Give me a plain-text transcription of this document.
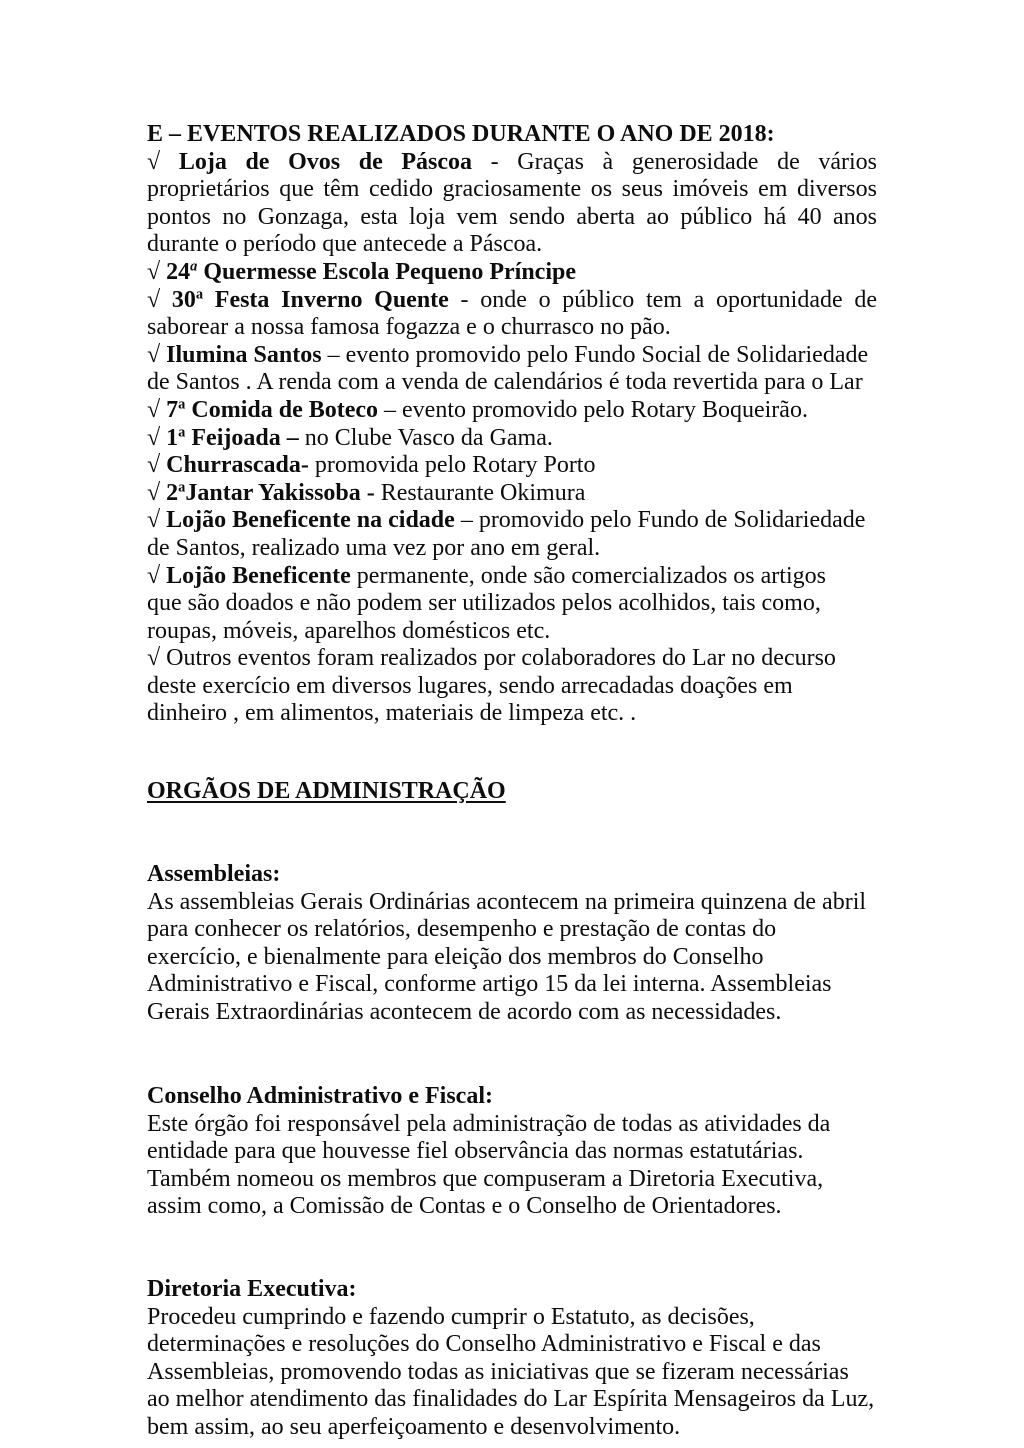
E – EVENTOS REALIZADOS DURANTE O ANO DE 2018:
√ Loja de Ovos de Páscoa - Graças à generosidade de vários
proprietários que têm cedido graciosamente os seus imóveis em diversos
pontos no Gonzaga, esta loja vem sendo aberta ao público há 40 anos
durante o período que antecede a Páscoa.
√ 24$^a$ Quermesse Escola Pequeno Príncipe
√ 30$^a$ Festa Inverno Quente - onde o público tem a oportunidade de
saborear a nossa famosa fogazza e o churrasco no pão.
√ Ilumina Santos – evento promovido pelo Fundo Social de Solidariedade
de Santos . A renda com a venda de calendários é toda revertida para o Lar
√ 7$^a$ Comida de Boteco – evento promovido pelo Rotary Boqueirão.
√ 1$^a$ Feijoada – no Clube Vasco da Gama.
√ Churrascada- promovida pelo Rotary Porto
√ 2$^a$Jantar Yakissoba - Restaurante Okimura
√ Lojão Beneficente na cidade – promovido pelo Fundo de Solidariedade
de Santos, realizado uma vez por ano em geral.
√ Lojão Beneficente permanente, onde são comercializados os artigos
que são doados e não podem ser utilizados pelos acolhidos, tais como,
roupas, móveis, aparelhos domésticos etc.
√ Outros eventos foram realizados por colaboradores do Lar no decurso
deste exercício em diversos lugares, sendo arrecadadas doações em
dinheiro , em alimentos, materiais de limpeza etc. .
ORGÃOS DE ADMINISTRAÇÃO
Assembleias:
As assembleias Gerais Ordinárias acontecem na primeira quinzena de abril
para conhecer os relatórios, desempenho e prestação de contas do
exercício, e bienalmente para eleição dos membros do Conselho
Administrativo e Fiscal, conforme artigo 15 da lei interna. Assembleias
Gerais Extraordinárias acontecem de acordo com as necessidades.
Conselho Administrativo e Fiscal:
Este órgão foi responsável pela administração de todas as atividades da
entidade para que houvesse fiel observância das normas estatutárias.
Também nomeou os membros que compuseram a Diretoria Executiva,
assim como, a Comissão de Contas e o Conselho de Orientadores.
Diretoria Executiva:
Procedeu cumprindo e fazendo cumprir o Estatuto, as decisões,
determinações e resoluções do Conselho Administrativo e Fiscal e das
Assembleias, promovendo todas as iniciativas que se fizeram necessárias
ao melhor atendimento das finalidades do Lar Espírita Mensageiros da Luz,
bem assim, ao seu aperfeiçoamento e desenvolvimento.
